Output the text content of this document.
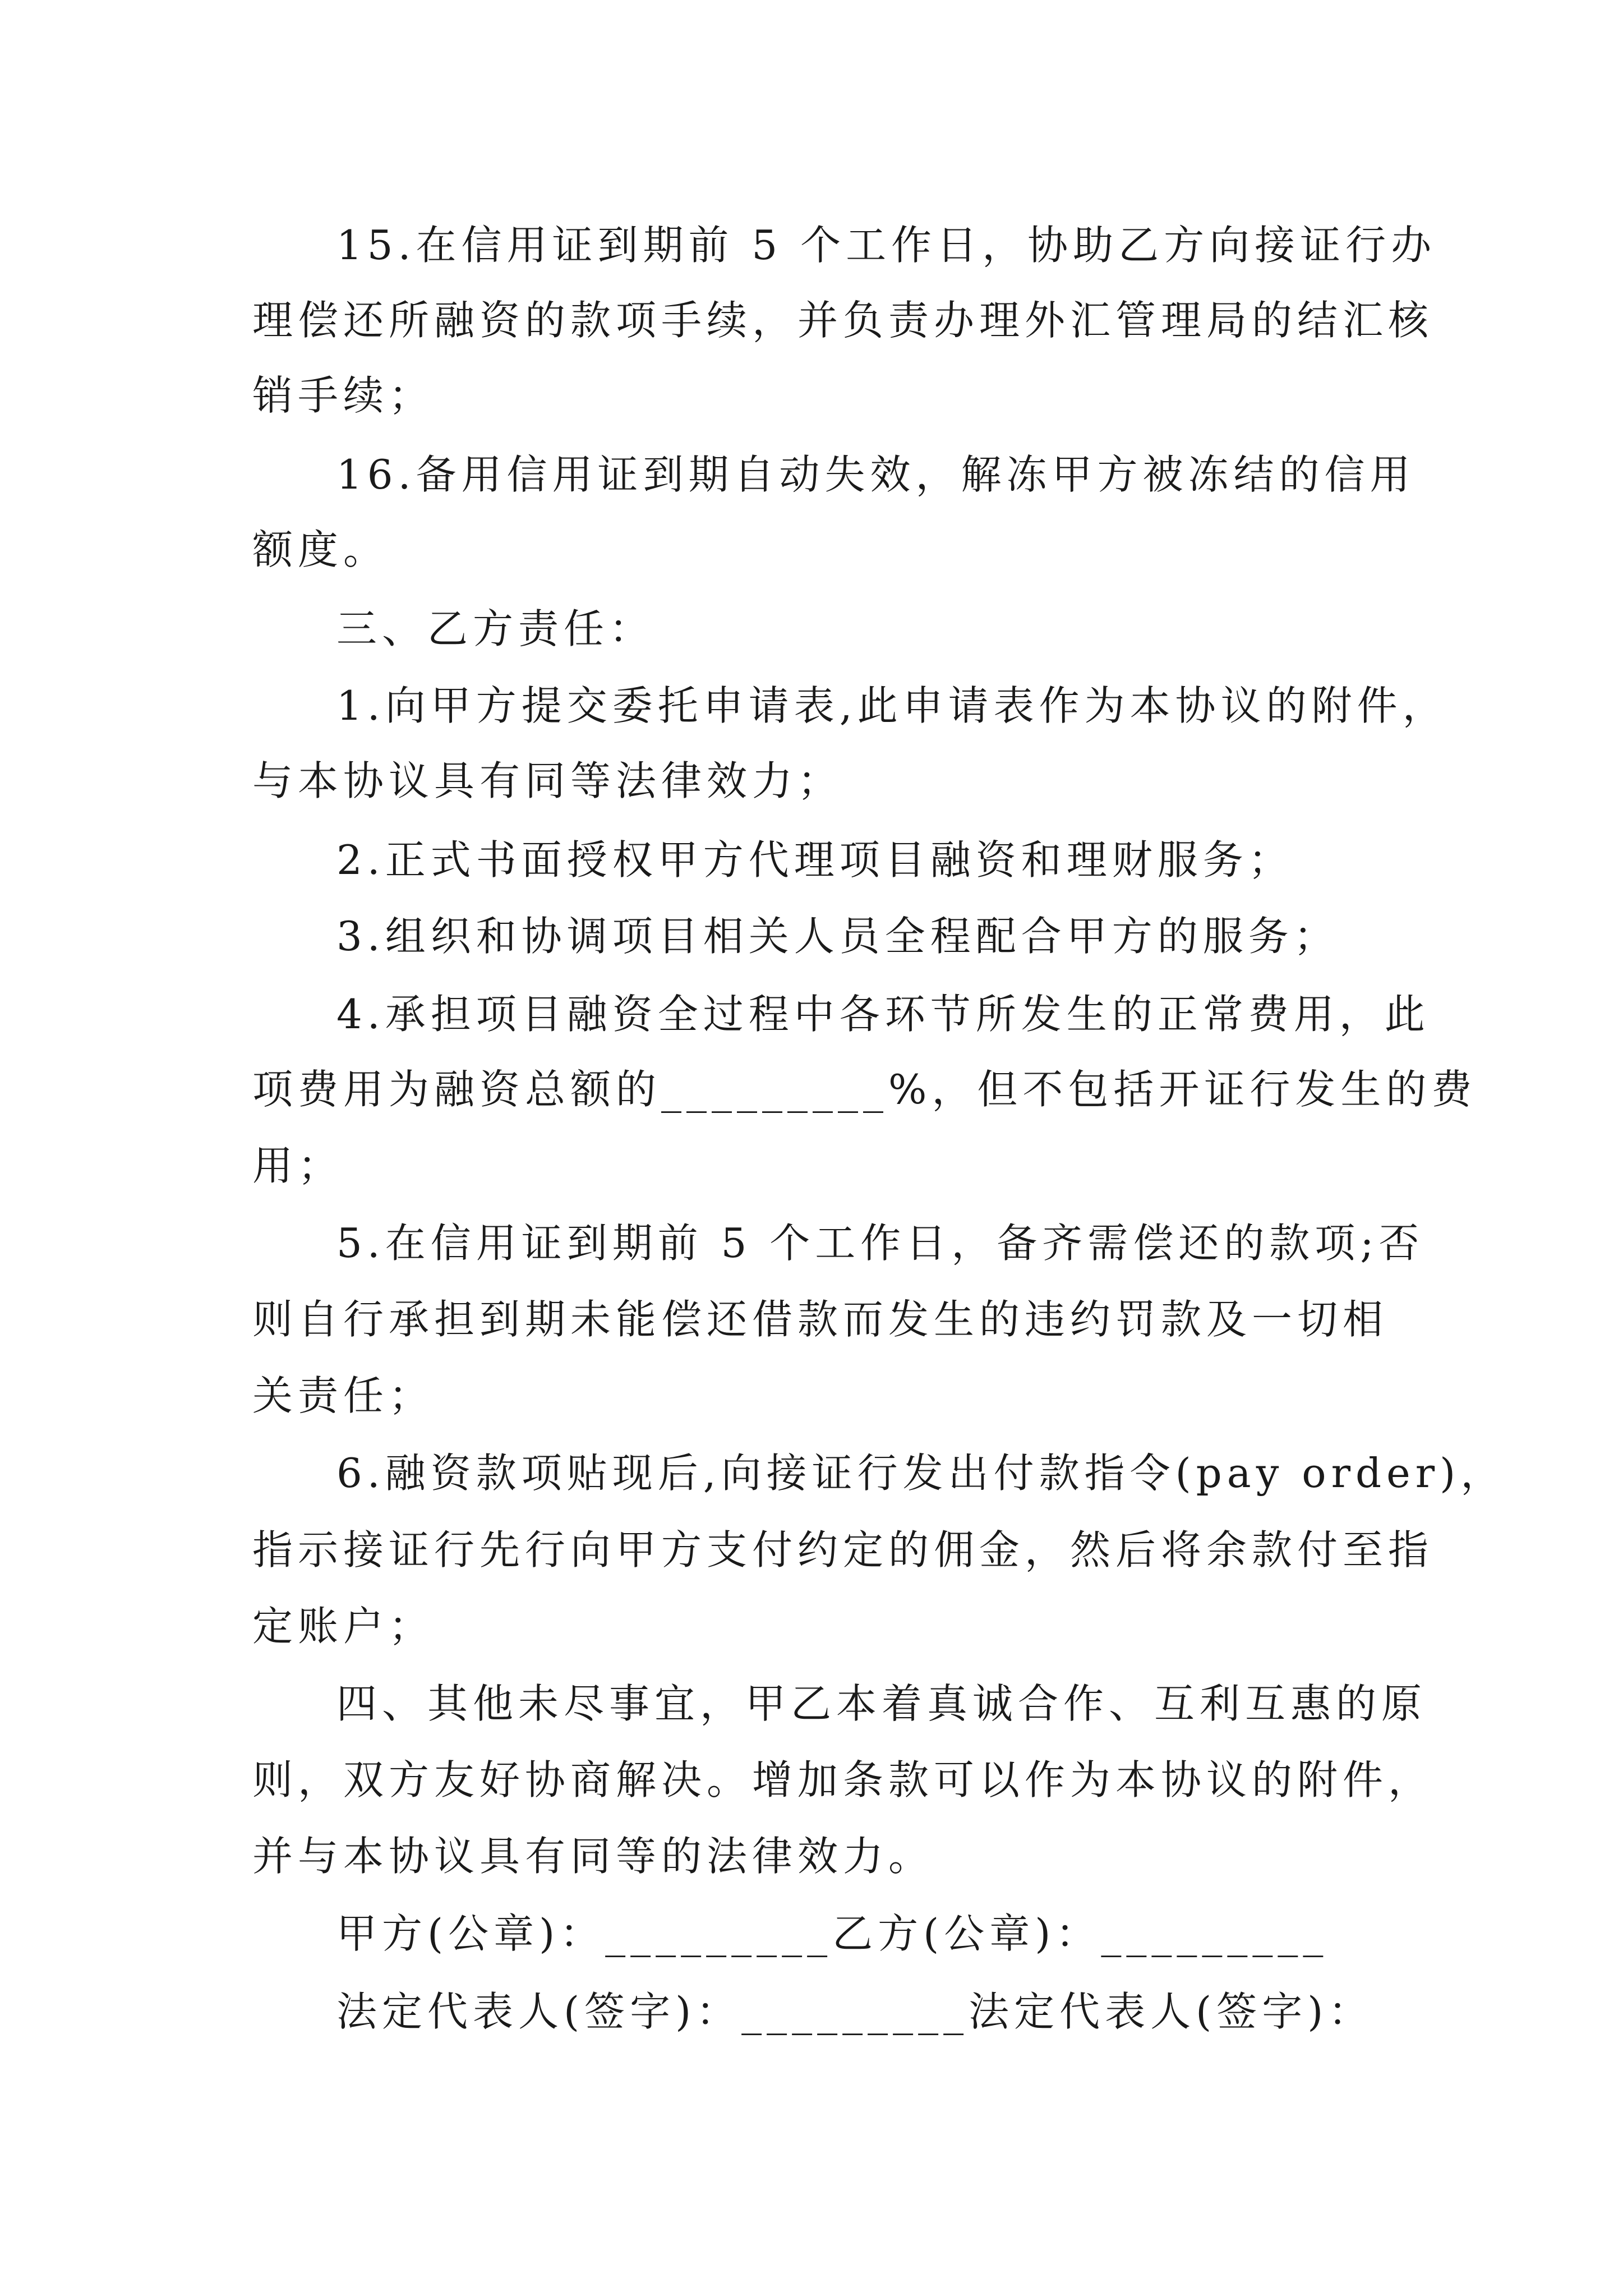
15.在信用证到期前 5 个工作日，协助乙方向接证行办
理偿还所融资的款项手续，并负责办理外汇管理局的结汇核
销手续；
16.备用信用证到期自动失效，解冻甲方被冻结的信用
额度。
三、乙方责任：
1.向甲方提交委托申请表,此申请表作为本协议的附件，
与本协议具有同等法律效力；
2.正式书面授权甲方代理项目融资和理财服务；
3.组织和协调项目相关人员全程配合甲方的服务；
4.承担项目融资全过程中各环节所发生的正常费用，此
项费用为融资总额的_________%，但不包括开证行发生的费
用；
5.在信用证到期前 5 个工作日，备齐需偿还的款项;否
则自行承担到期未能偿还借款而发生的违约罚款及一切相
关责任；
6.融资款项贴现后,向接证行发出付款指令(pay order)，
指示接证行先行向甲方支付约定的佣金，然后将余款付至指
定账户；
四、其他未尽事宜，甲乙本着真诚合作、互利互惠的原
则，双方友好协商解决。增加条款可以作为本协议的附件，
并与本协议具有同等的法律效力。
甲方(公章)：_________乙方(公章)：_________
法定代表人(签字)：_________法定代表人(签字)：
